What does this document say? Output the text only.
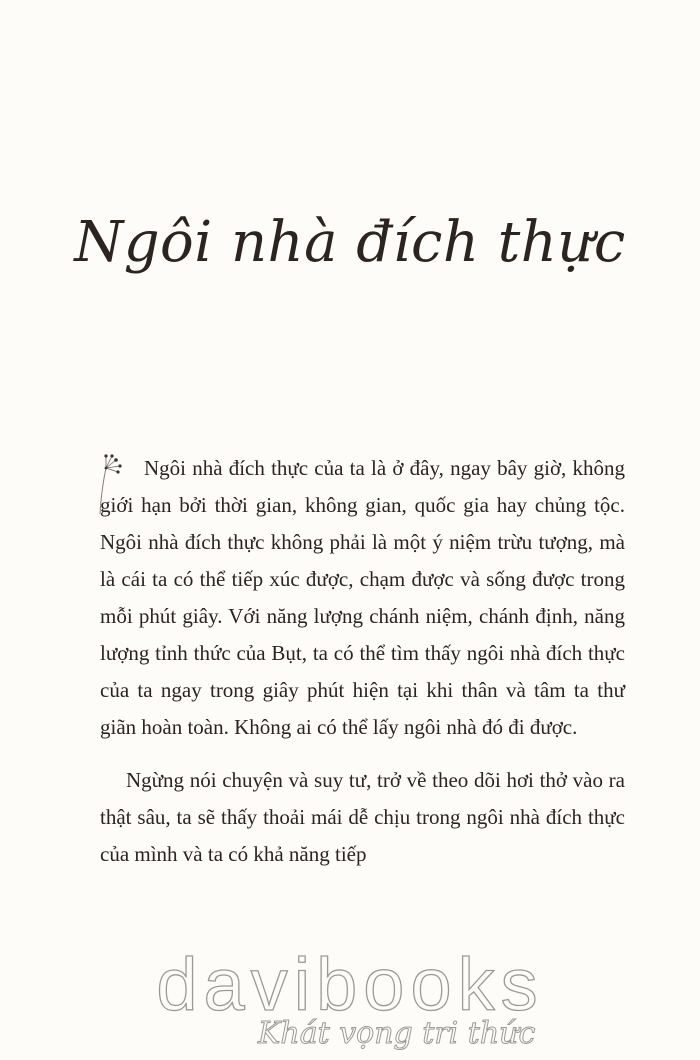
Ngôi nhà đích thực

Ngôi nhà đích thực của ta là ở đây, ngay bây giờ, không giới hạn bởi thời gian, không gian, quốc gia hay chủng tộc. Ngôi nhà đích thực không phải là một ý niệm trừu tượng, mà là cái ta có thể tiếp xúc được, chạm được và sống được trong mỗi phút giây. Với năng lượng chánh niệm, chánh định, năng lượng tỉnh thức của Bụt, ta có thể tìm thấy ngôi nhà đích thực của ta ngay trong giây phút hiện tại khi thân và tâm ta thư giãn hoàn toàn. Không ai có thể lấy ngôi nhà đó đi được.

Ngừng nói chuyện và suy tư, trở về theo dõi hơi thở vào ra thật sâu, ta sẽ thấy thoải mái dễ chịu trong ngôi nhà đích thực của mình và ta có khả năng tiếp

davibooks
Khát vọng tri thức
